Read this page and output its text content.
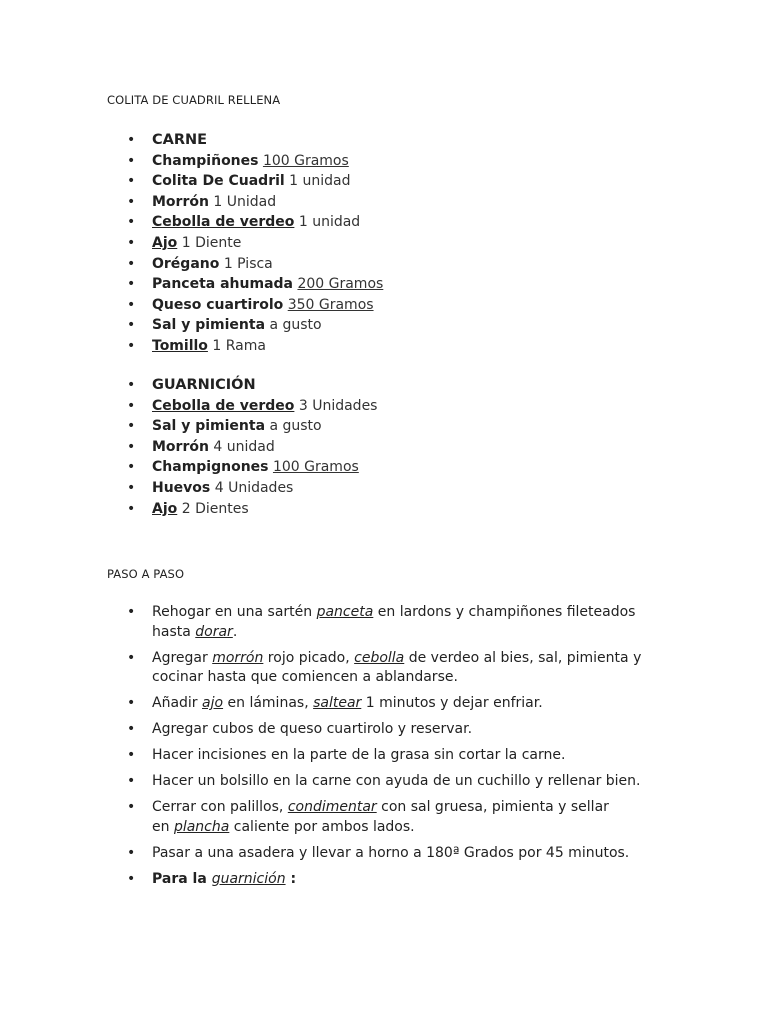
COLITA DE CUADRIL RELLENA
• CARNE
• Champiñones 100 Gramos
• Colita De Cuadril 1 unidad
• Morrón 1 Unidad
• Cebolla de verdeo 1 unidad
• Ajo 1 Diente
• Orégano 1 Pisca
• Panceta ahumada 200 Gramos
• Queso cuartirolo 350 Gramos
• Sal y pimienta a gusto
• Tomillo 1 Rama
• GUARNICIÓN
• Cebolla de verdeo 3 Unidades
• Sal y pimienta a gusto
• Morrón 4 unidad
• Champignones 100 Gramos
• Huevos 4 Unidades
• Ajo 2 Dientes
PASO A PASO
• Rehogar en una sartén panceta en lardons y champiñones fileteados
hasta dorar.
• Agregar morrón rojo picado, cebolla de verdeo al bies, sal, pimienta y
cocinar hasta que comiencen a ablandarse.
• Añadir ajo en láminas, saltear 1 minutos y dejar enfriar.
• Agregar cubos de queso cuartirolo y reservar.
• Hacer incisiones en la parte de la grasa sin cortar la carne.
• Hacer un bolsillo en la carne con ayuda de un cuchillo y rellenar bien.
• Cerrar con palillos, condimentar con sal gruesa, pimienta y sellar
en plancha caliente por ambos lados.
• Pasar a una asadera y llevar a horno a 180ª Grados por 45 minutos.
• Para la guarnición :
